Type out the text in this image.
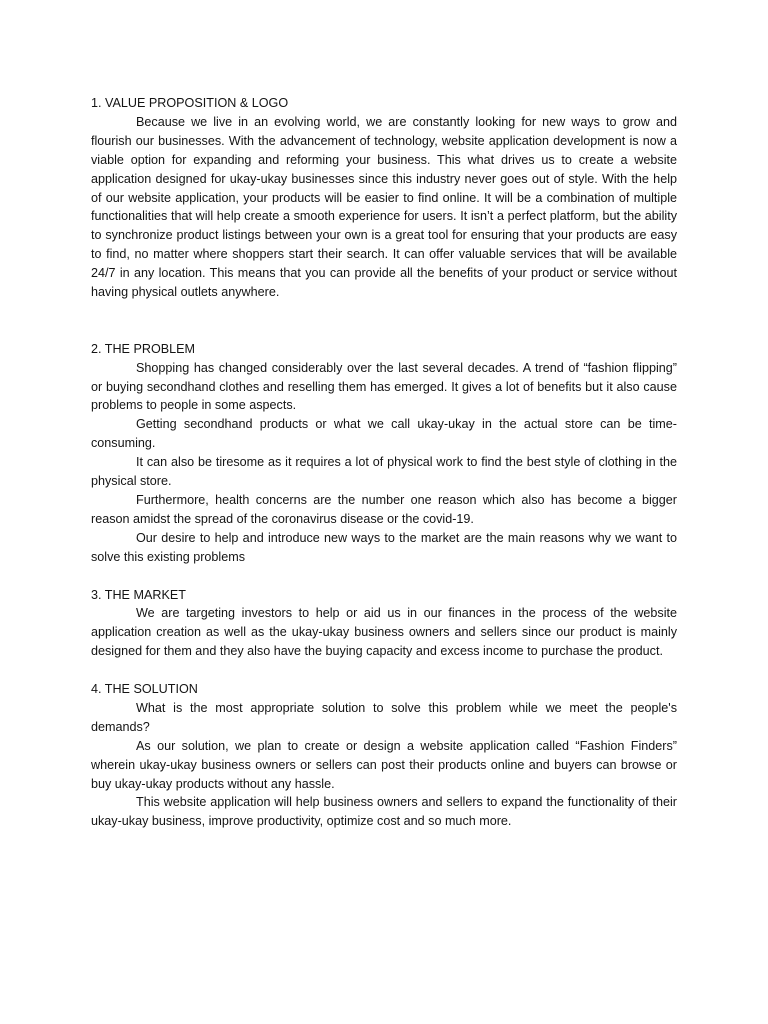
1. VALUE PROPOSITION & LOGO

Because we live in an evolving world, we are constantly looking for new ways to grow and flourish our businesses. With the advancement of technology, website application development is now a viable option for expanding and reforming your business. This what drives us to create a website application designed for ukay-ukay businesses since this industry never goes out of style. With the help of our website application, your products will be easier to find online. It will be a combination of multiple functionalities that will help create a smooth experience for users. It isn’t a perfect platform, but the ability to synchronize product listings between your own is a great tool for ensuring that your products are easy to find, no matter where shoppers start their search. It can offer valuable services that will be available 24/7 in any location. This means that you can provide all the benefits of your product or service without having physical outlets anywhere.

2. THE PROBLEM

Shopping has changed considerably over the last several decades. A trend of “fashion flipping” or buying secondhand clothes and reselling them has emerged. It gives a lot of benefits but it also cause problems to people in some aspects.

Getting secondhand products or what we call ukay-ukay in the actual store can be time-consuming.

It can also be tiresome as it requires a lot of physical work to find the best style of clothing in the physical store.

Furthermore, health concerns are the number one reason which also has become a bigger reason amidst the spread of the coronavirus disease or the covid-19.

Our desire to help and introduce new ways to the market are the main reasons why we want to solve this existing problems

3. THE MARKET

We are targeting investors to help or aid us in our finances in the process of the website application creation as well as the ukay-ukay business owners and sellers since our product is mainly designed for them and they also have the buying capacity and excess income to purchase the product.

4. THE SOLUTION

What is the most appropriate solution to solve this problem while we meet the people's demands?

As our solution, we plan to create or design a website application called “Fashion Finders” wherein ukay-ukay business owners or sellers can post their products online and buyers can browse or buy ukay-ukay products without any hassle.

This website application will help business owners and sellers to expand the functionality of their ukay-ukay business, improve productivity, optimize cost and so much more.
